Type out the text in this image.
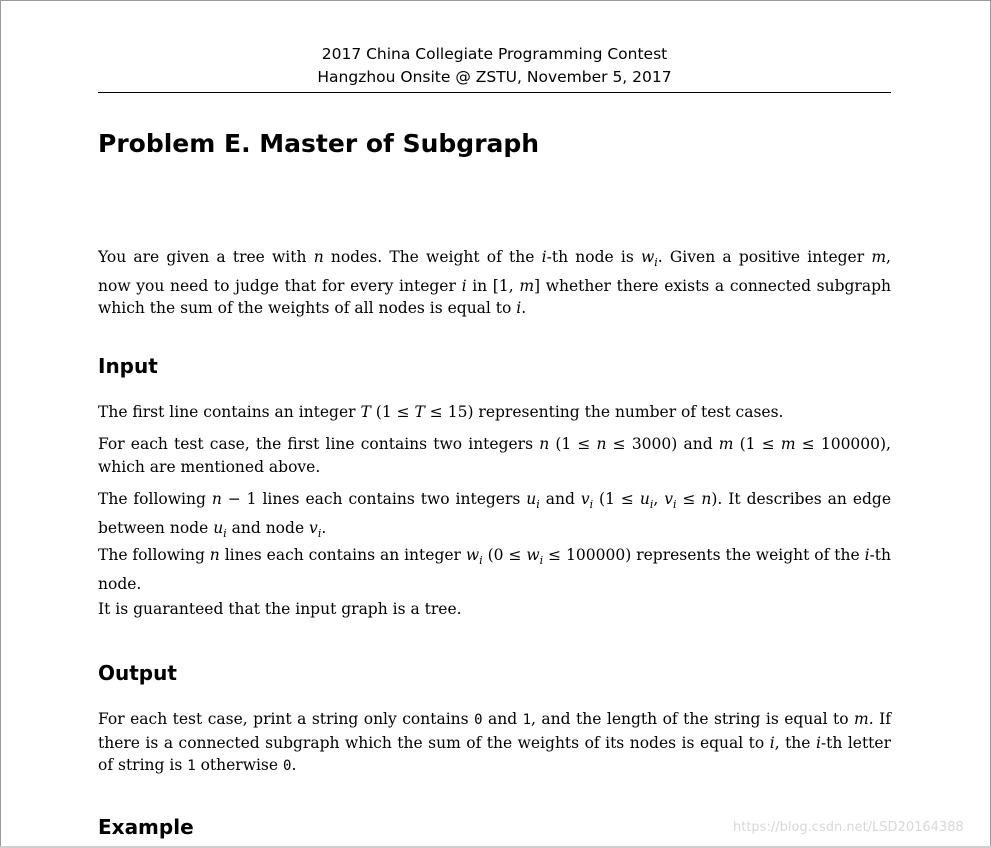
2017 China Collegiate Programming Contest
Hangzhou Onsite @ ZSTU, November 5, 2017
Problem E. Master of Subgraph
You are given a tree with n nodes. The weight of the i-th node is $w_i$. Given a positive integer m,
now you need to judge that for every integer i in [1, m] whether there exists a connected subgraph
which the sum of the weights of all nodes is equal to i.
Input
The first line contains an integer T (1 ≤ T ≤ 15) representing the number of test cases.
For each test case, the first line contains two integers n (1 ≤ n ≤ 3000) and m (1 ≤ m ≤ 100000),
which are mentioned above.
The following n − 1 lines each contains two integers $u_i$ and $v_i$ ($1 \le u_i$, $v_i \le n$). It describes an edge
between node $u_i$ and node $v_i$.
The following n lines each contains an integer $w_i$ $(0 \le w_i \le 100000)$ represents the weight of the i-th
node.
It is guaranteed that the input graph is a tree.
Output
For each test case, print a string only contains 0 and 1, and the length of the string is equal to m. If
there is a connected subgraph which the sum of the weights of its nodes is equal to i, the i-th letter
of string is 1 otherwise 0.
Example	https://blog.csdn.net/LSD20164388
